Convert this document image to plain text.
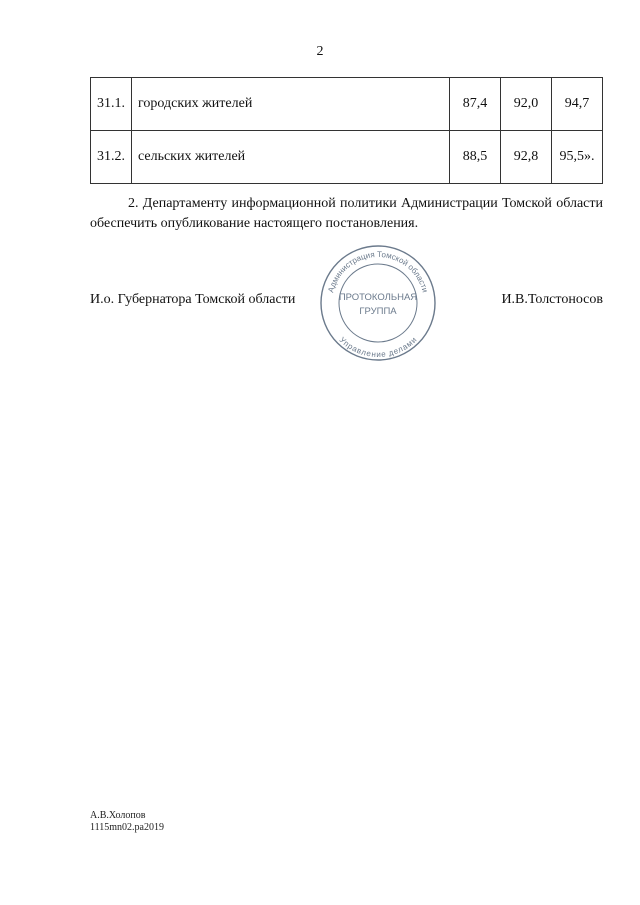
2
31.1.	городских жителей	87,4	92,0	94,7
31.2.	сельских жителей	88,5	92,8	95,5».
2. Департаменту информационной политики Администрации Томской области обеспечить опубликование настоящего постановления.
И.о. Губернатора Томской области
Администрация Томской области
Управление делами
ПРОТОКОЛЬНАЯ
ГРУППА
И.В.Толстоносов
А.В.Холопов
1115mn02.pa2019
